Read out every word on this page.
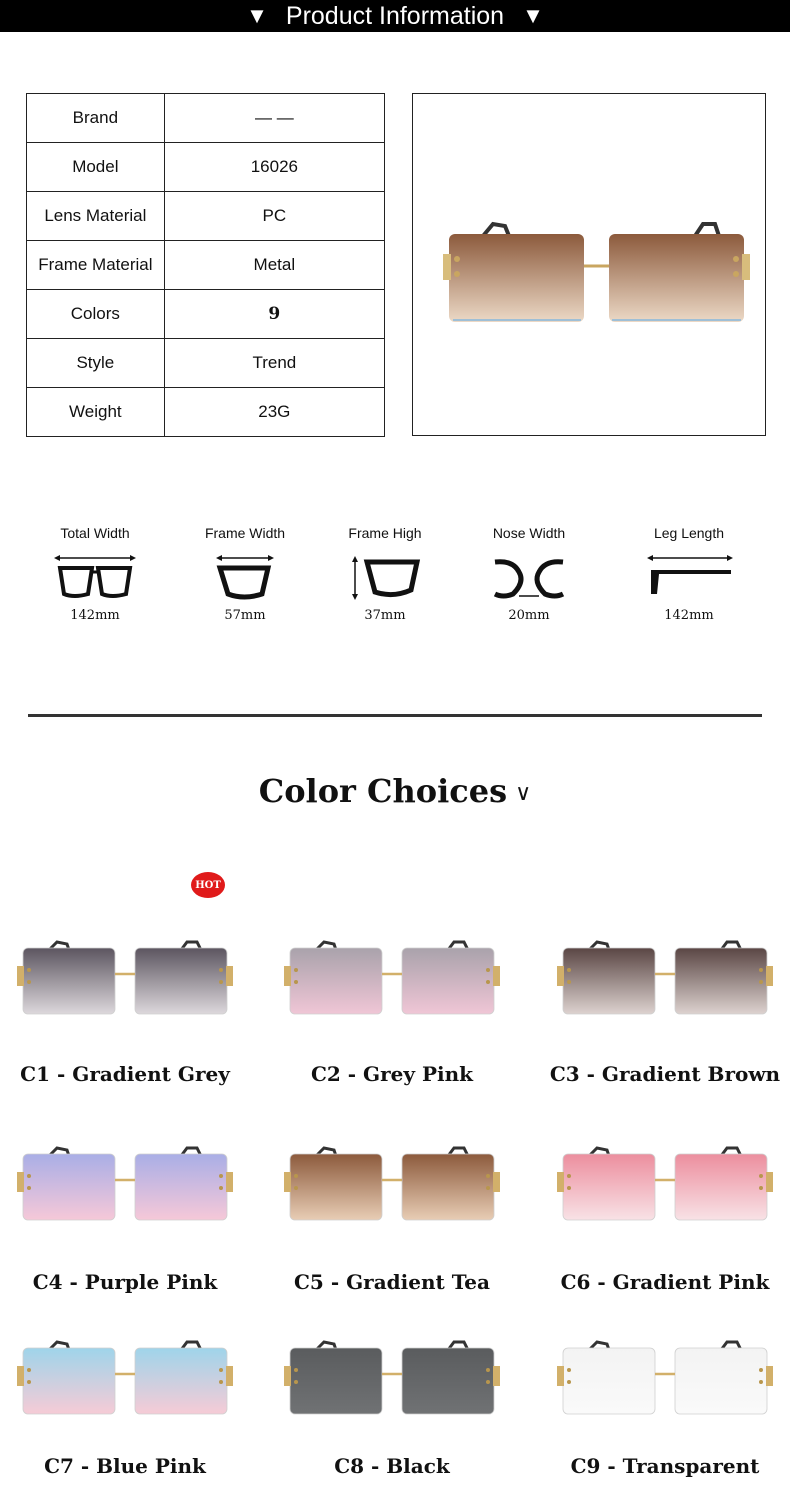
▼ Product Information ▼
Brand	— —
Model	16026
Lens Material	PC
Frame Material	Metal
Colors	9
Style	Trend
Weight	23G
Total Width
142mm
Frame Width
57mm
Frame High
37mm
Nose Width
20mm
Leg Length
142mm
Color Choices ∨
HOT
C1 - Gradient Grey	C2 - Grey Pink	C3 - Gradient Brown
C4 - Purple Pink	C5 - Gradient Tea	C6 - Gradient Pink
C7 - Blue Pink	C8 - Black	C9 - Transparent
